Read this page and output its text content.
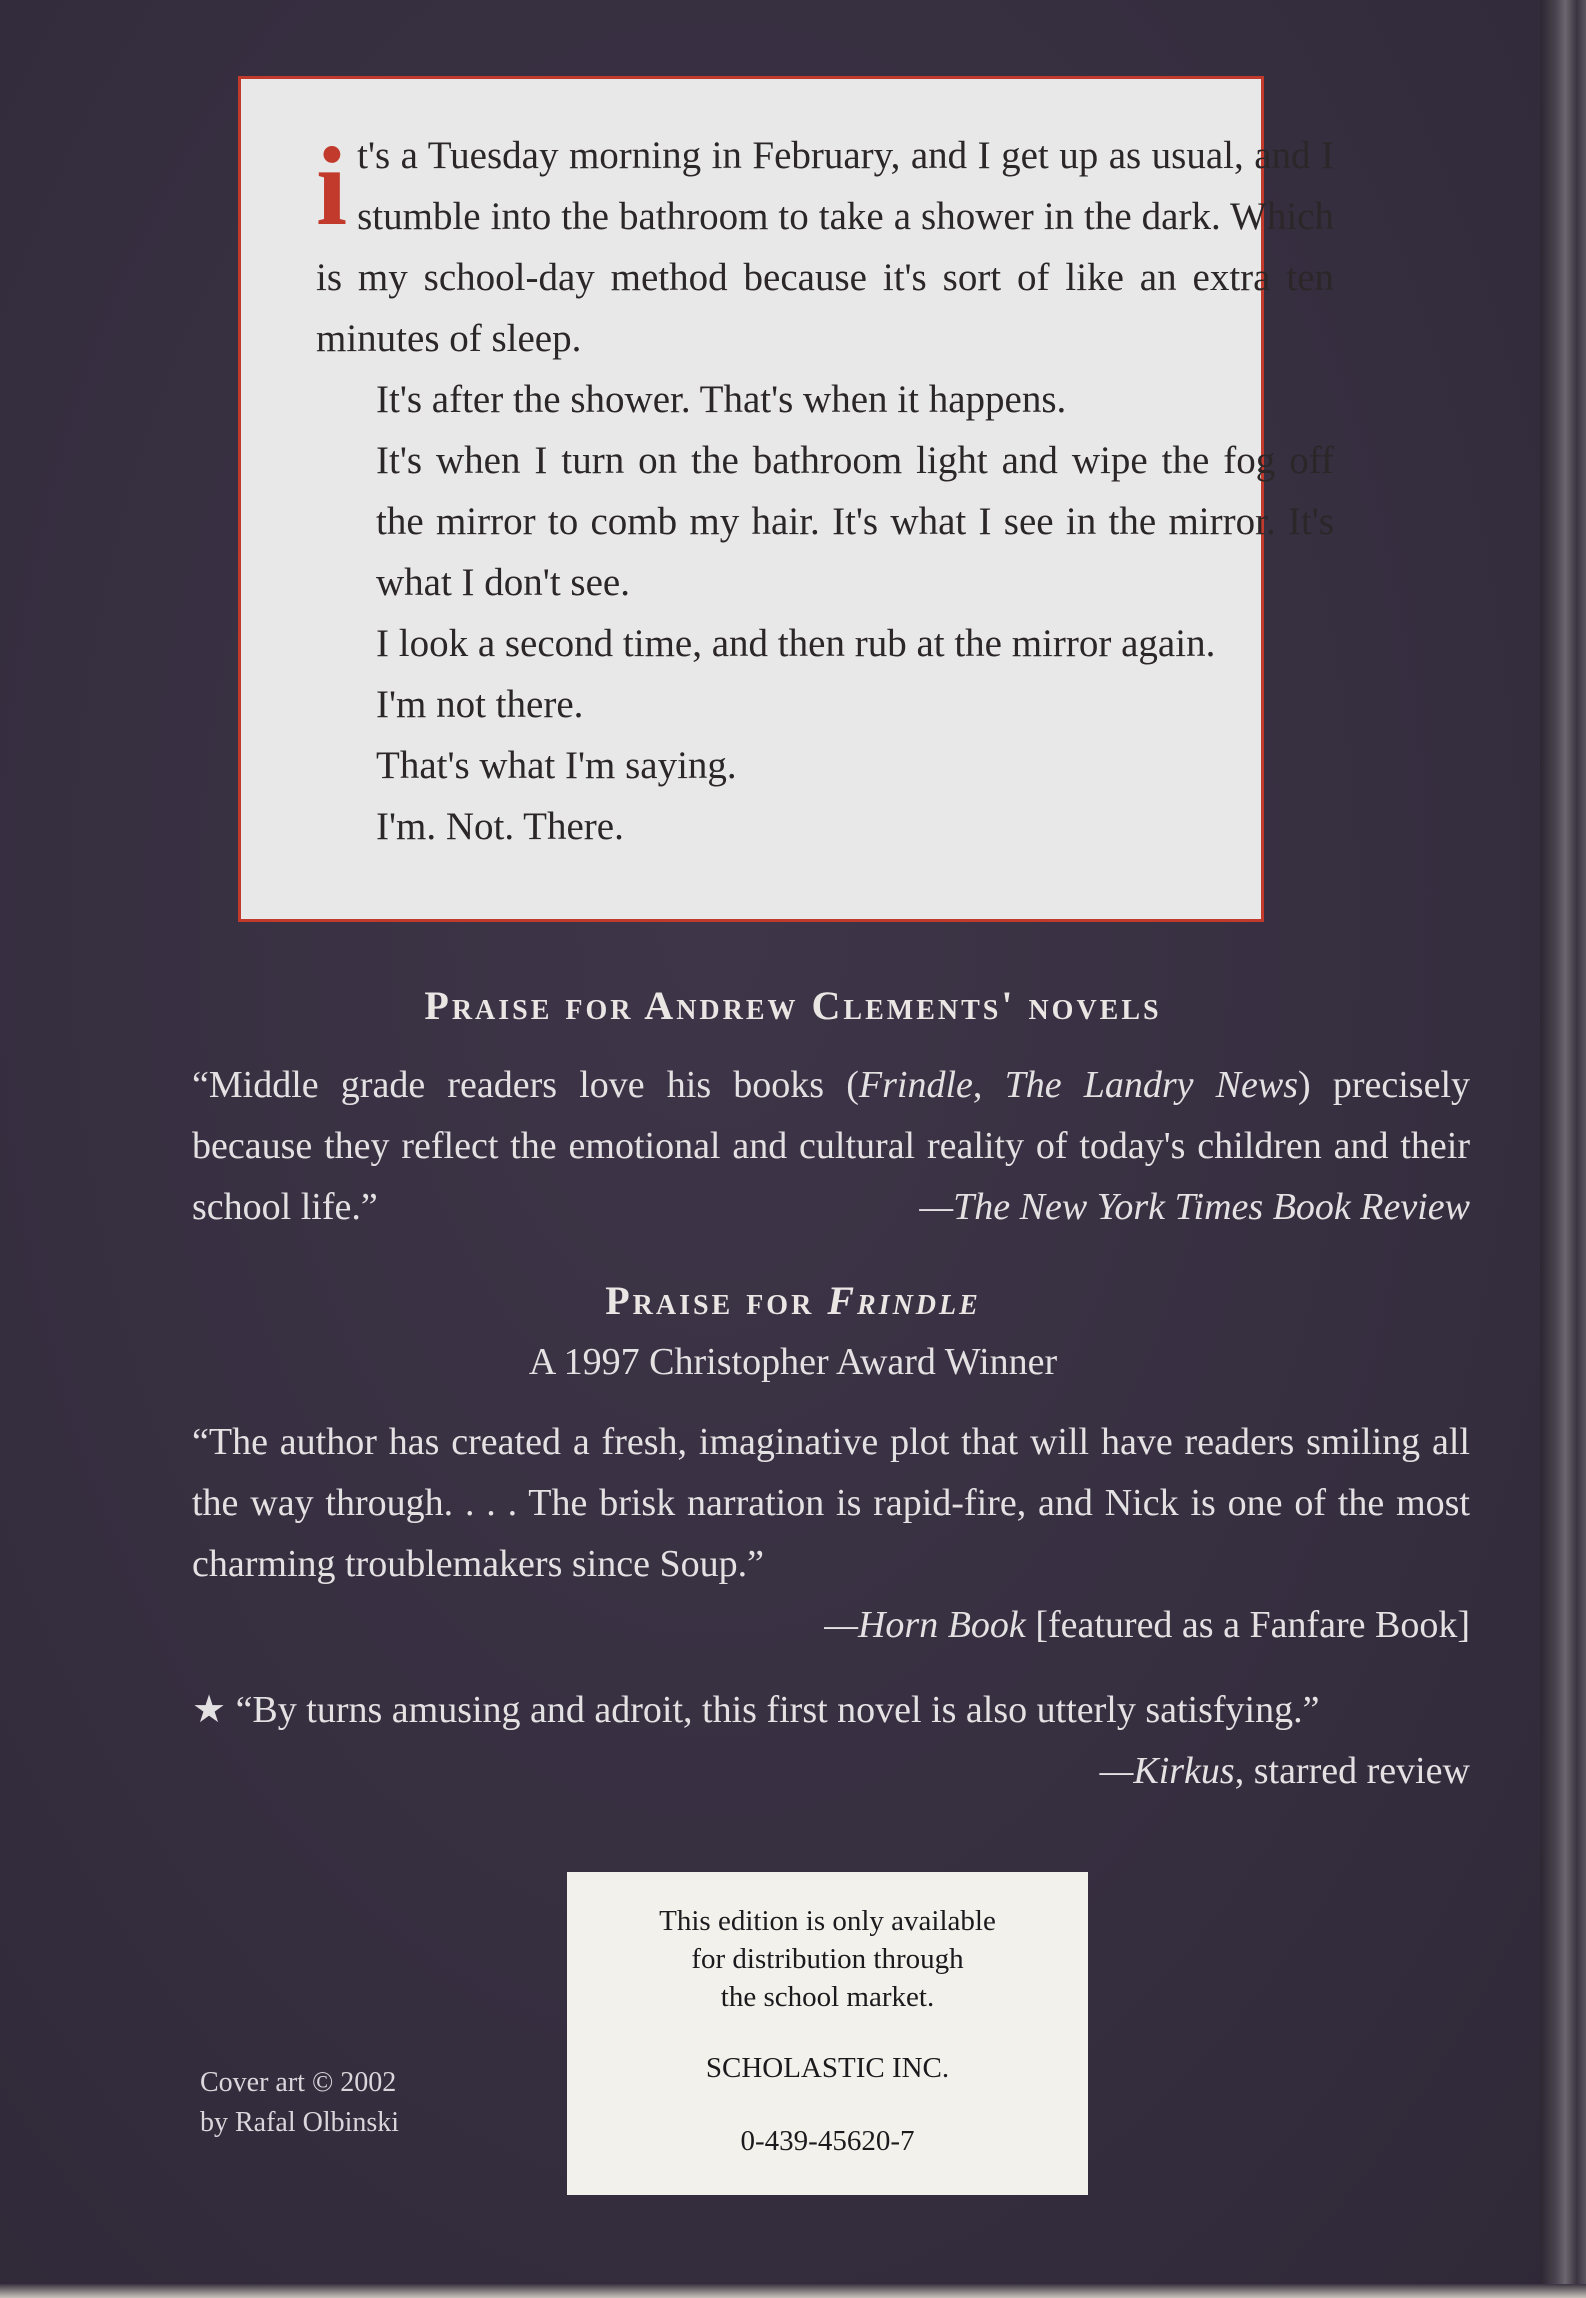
i t's a Tuesday morning in February, and I get up as usual, and I stumble into the bathroom to take a shower in the dark. Which is my school-day method because it's sort of like an extra ten minutes of sleep.

It's after the shower. That's when it happens.

It's when I turn on the bathroom light and wipe the fog off the mirror to comb my hair. It's what I see in the mirror. It's what I don't see.

I look a second time, and then rub at the mirror again.

I'm not there.

That's what I'm saying.

I'm. Not. There.

Praise for Andrew Clements' novels
“Middle grade readers love his books (Frindle, The Landry News) precisely because they reflect the emotional and cultural reality of today's children and their school life.”	—The New York Times Book Review
Praise for Frindle
A 1997 Christopher Award Winner
“The author has created a fresh, imaginative plot that will have readers smiling all the way through. . . . The brisk narration is rapid-fire, and Nick is one of the most charming troublemakers since Soup.”
—Horn Book [featured as a Fanfare Book]
★ “By turns amusing and adroit, this first novel is also utterly satisfying.”
—Kirkus, starred review
This edition is only available
for distribution through
the school market.
SCHOLASTIC INC.
0-439-45620-7
Cover art © 2002
by Rafal Olbinski
